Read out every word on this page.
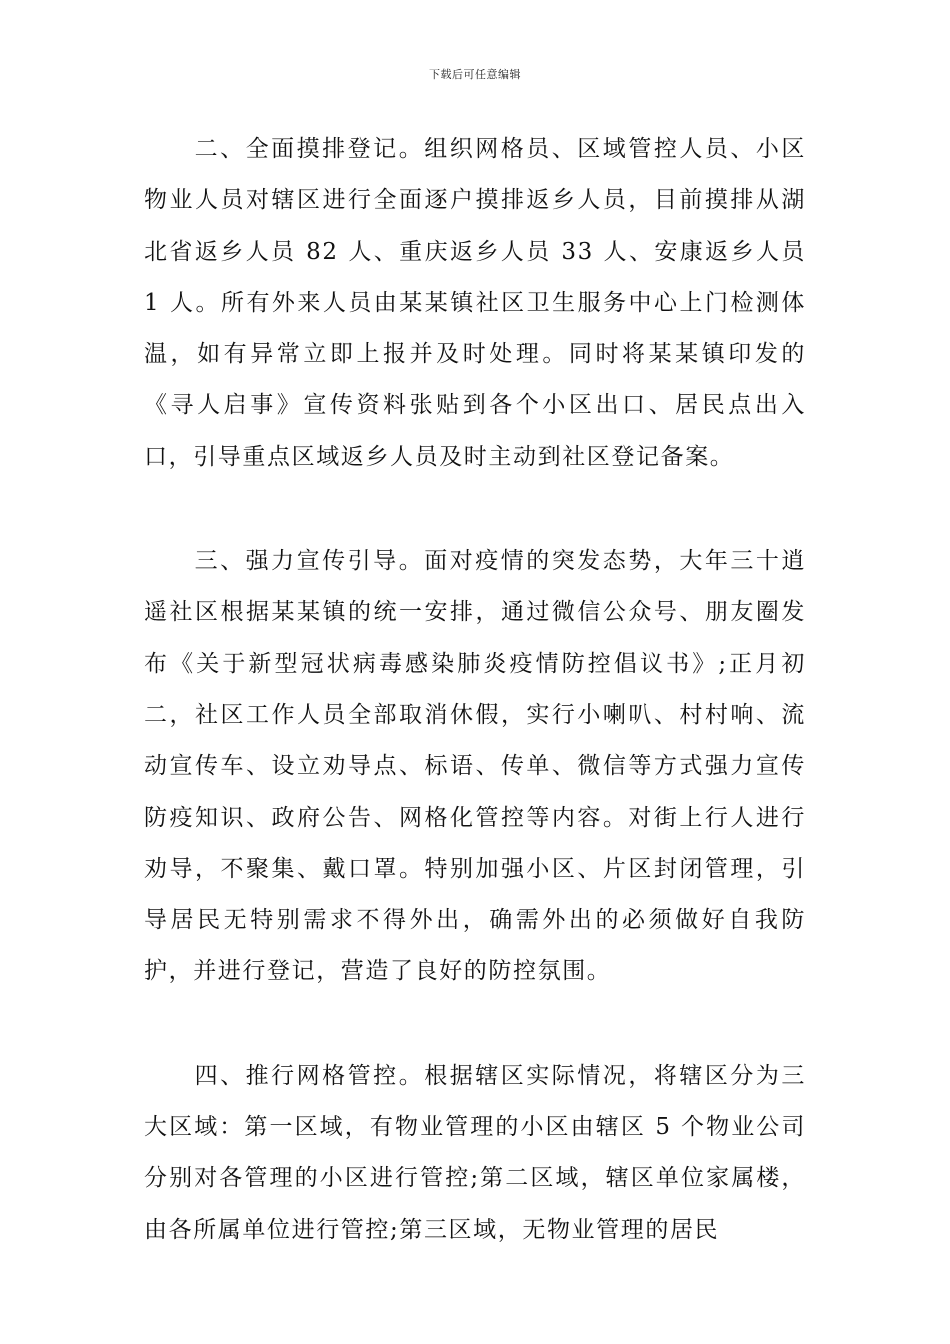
下载后可任意编辑

二、全面摸排登记。组织网格员、区域管控人员、小区物业人员对辖区进行全面逐户摸排返乡人员，目前摸排从湖北省返乡人员 82 人、重庆返乡人员 33 人、安康返乡人员 1 人。所有外来人员由某某镇社区卫生服务中心上门检测体温，如有异常立即上报并及时处理。同时将某某镇印发的《寻人启事》宣传资料张贴到各个小区出口、居民点出入口，引导重点区域返乡人员及时主动到社区登记备案。

三、强力宣传引导。面对疫情的突发态势，大年三十逍遥社区根据某某镇的统一安排，通过微信公众号、朋友圈发布《关于新型冠状病毒感染肺炎疫情防控倡议书》;正月初二，社区工作人员全部取消休假，实行小喇叭、村村响、流动宣传车、设立劝导点、标语、传单、微信等方式强力宣传防疫知识、政府公告、网格化管控等内容。对街上行人进行劝导，不聚集、戴口罩。特别加强小区、片区封闭管理，引导居民无特别需求不得外出，确需外出的必须做好自我防护，并进行登记，营造了良好的防控氛围。

四、推行网格管控。根据辖区实际情况，将辖区分为三大区域：第一区域，有物业管理的小区由辖区 5 个物业公司分别对各管理的小区进行管控;第二区域，辖区单位家属楼，由各所属单位进行管控;第三区域，无物业管理的居民
